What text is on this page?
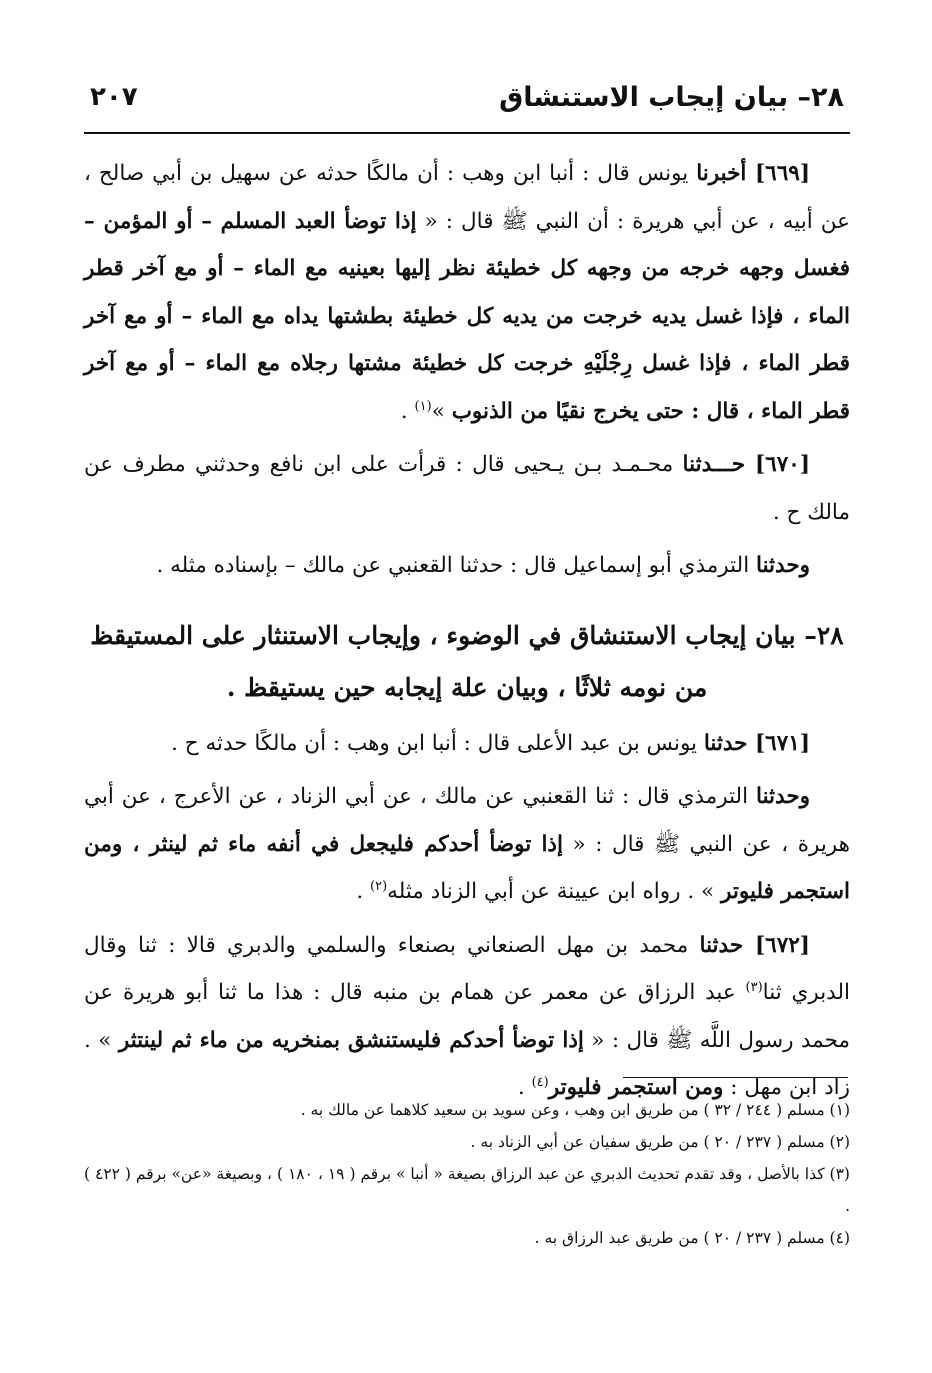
٢٨– بيان إيجاب الاستنشاق
٢٠٧

[٦٦٩] أخبرنا يونس قال : أنبا ابن وهب : أن مالكًا حدثه عن سهيل بن أبي صالح ، عن أبيه ، عن أبي هريرة : أن النبي ﷺ قال : « إذا توضأ العبد المسلم – أو المؤمن – فغسل وجهه خرجه من وجهه كل خطيئة نظر إليها بعينيه مع الماء – أو مع آخر قطر الماء ، فإذا غسل يديه خرجت من يديه كل خطيئة بطشتها يداه مع الماء – أو مع آخر قطر الماء ، فإذا غسل رِجْلَيْهِ خرجت كل خطيئة مشتها رجلاه مع الماء – أو مع آخر قطر الماء ، قال : حتى يخرج نقيًا من الذنوب »$^{(١)}$ .

[٦٧٠] حـــدثنا محـمـد بـن يـحيى قال : قرأت على ابن نافع وحدثني مطرف عن مالك ح .

وحدثنا الترمذي أبو إسماعيل قال : حدثنا القعنبي عن مالك – بإسناده مثله .

٢٨– بيان إيجاب الاستنشاق في الوضوء ، وإيجاب الاستنثار على المستيقظ من نومه ثلاثًا ، وبيان علة إيجابه حين يستيقظ .

[٦٧١] حدثنا يونس بن عبد الأعلى قال : أنبا ابن وهب : أن مالكًا حدثه ح .

وحدثنا الترمذي قال : ثنا القعنبي عن مالك ، عن أبي الزناد ، عن الأعرج ، عن أبي هريرة ، عن النبي ﷺ قال : « إذا توضأ أحدكم فليجعل في أنفه ماء ثم لينثر ، ومن استجمر فليوتر » . رواه ابن عيينة عن أبي الزناد مثله$^{(٢)}$ .

[٦٧٢] حدثنا محمد بن مهل الصنعاني بصنعاء والسلمي والدبري قالا : ثنا وقال الدبري ثنا$^{(٣)}$ عبد الرزاق عن معمر عن همام بن منبه قال : هذا ما ثنا أبو هريرة عن محمد رسول اللَّه ﷺ قال : « إذا توضأ أحدكم فليستنشق بمنخريه من ماء ثم لينتثر » . زاد ابن مهل : ومن استجمر فليوتر$^{(٤)}$ .

(١) مسلم ( ٢٤٤ / ٣٢ ) من طريق ابن وهب ، وعن سويد بن سعيد كلاهما عن مالك به .

(٢) مسلم ( ٢٣٧ / ٢٠ ) من طريق سفيان عن أبي الزناد به .

(٣) كذا بالأصل ، وقد تقدم تحديث الدبري عن عبد الرزاق بصيغة « أنبا » برقم ( ١٩ ، ١٨٠ ) ، وبصيغة «عن» برقم ( ٤٢٢ ) .

(٤) مسلم ( ٢٣٧ / ٢٠ ) من طريق عبد الرزاق به .
